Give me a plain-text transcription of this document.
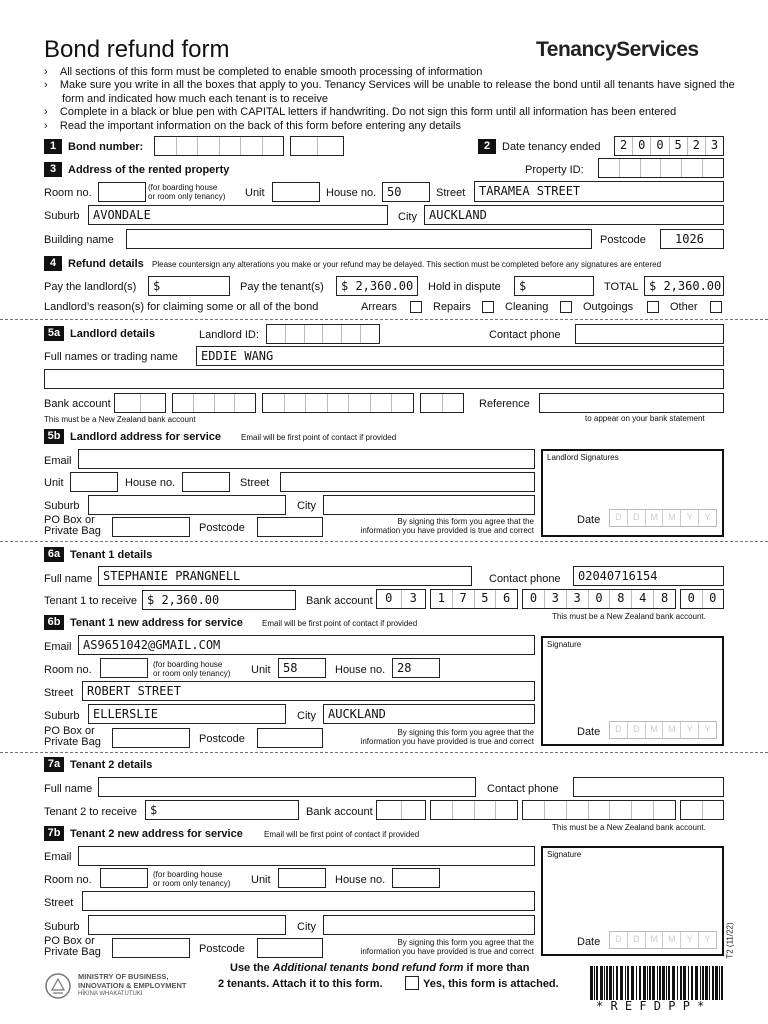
Bond refund form	TenancyServices
›    All sections of this form must be completed to enable smooth processing of information
›    Make sure you write in all the boxes that apply to you. Tenancy Services will be unable to release the bond until all tenants have signed the form and indicated how much each tenant is to receive
›    Complete in a black or blue pen with CAPITAL letters if handwriting. Do not sign this form until all information has been entered
›    Read the important information on the back of this form before entering any details
1	Bond number:	2	Date tenancy ended	2 0 0 5 2 3
3	Address of the rented property	Property ID:
Room no.	(for boarding house
or room only tenancy) Unit	House no. 50	Street	TARAMEA STREET
Suburb	AVONDALE	City	AUCKLAND
Building name	Postcode	1026
4	Refund details Please countersign any alterations you make or your refund may be delayed. This section must be completed before any signatures are entered
Pay the landlord(s)	$	Pay the tenant(s)	$ 2,360.00 Hold in dispute	$	TOTAL $ 2,360.00
Landlord’s reason(s) for claiming some or all of the bond	Arrears	Repairs	Cleaning	Outgoings	Other
5a Landlord details	Landlord ID:	Contact phone
Full names or trading name	EDDIE WANG
Bank account	Reference
This must be a New Zealand bank account	to appear on your bank statement
5b Landlord address for service	Email will be first point of contact if provided
Email
Unit	House no.	Street
Suburb	City
PO Box or
Private Bag	Postcode
By signing this form you agree that the
information you have provided is true and correct
Landlord Signatures
Date	D	D	M	M	Y	Y
6a Tenant 1 details
Full name STEPHANIE PRANGNELL	Contact phone	02040716154
Tenant 1 to receive $ 2,360.00	Bank account	0	3	1	7	5	6	0	3	3	0	8	4	8	0	0
This must be a New Zealand bank account.
6b Tenant 1 new address for service Email will be first point of contact if provided
Email AS9651042@GMAIL.COM
Room no.	(for boarding house
or room only tenancy) Unit	58	House no. 28
Street	ROBERT STREET
Suburb	ELLERSLIE	City	AUCKLAND
PO Box or
Private Bag	Postcode
By signing this form you agree that the
information you have provided is true and correct
Signature
Date	D	D	M	M	Y	Y
7a Tenant 2 details
Full name	Contact phone
Tenant 2 to receive	$	Bank account
This must be a New Zealand bank account.
7b Tenant 2 new address for service	Email will be first point of contact if provided
Email
Room no.	(for boarding house
or room only tenancy) Unit	House no.
Street
Suburb	City
PO Box or
Private Bag	Postcode
By signing this form you agree that the
information you have provided is true and correct
Signature
Date	D	D	M	M	Y	Y
MINISTRY OF BUSINESS,
INNOVATION & EMPLOYMENT
HĪKINA WHAKATUTUKI
Use the Additional tenants bond refund form if more than
2 tenants. Attach it to this form.	Yes, this form is attached.
T2 (11/22)
* R E F D P P *
